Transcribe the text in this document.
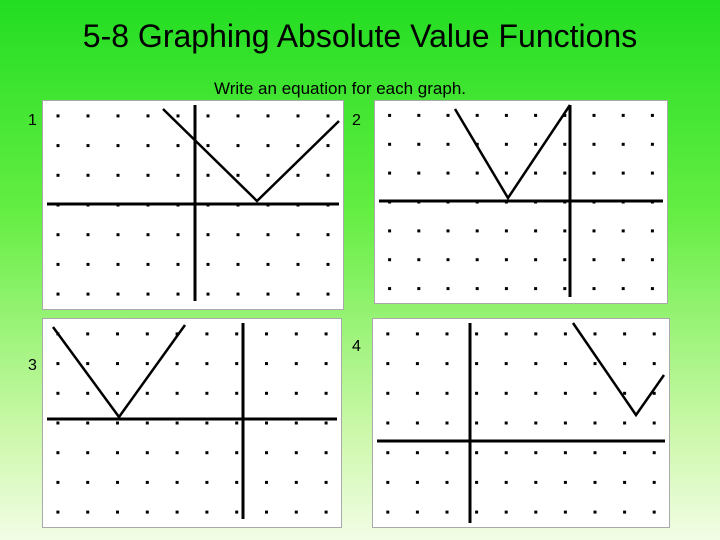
5-8 Graphing Absolute Value Functions
Write an equation for each graph.
1	2
3
4
